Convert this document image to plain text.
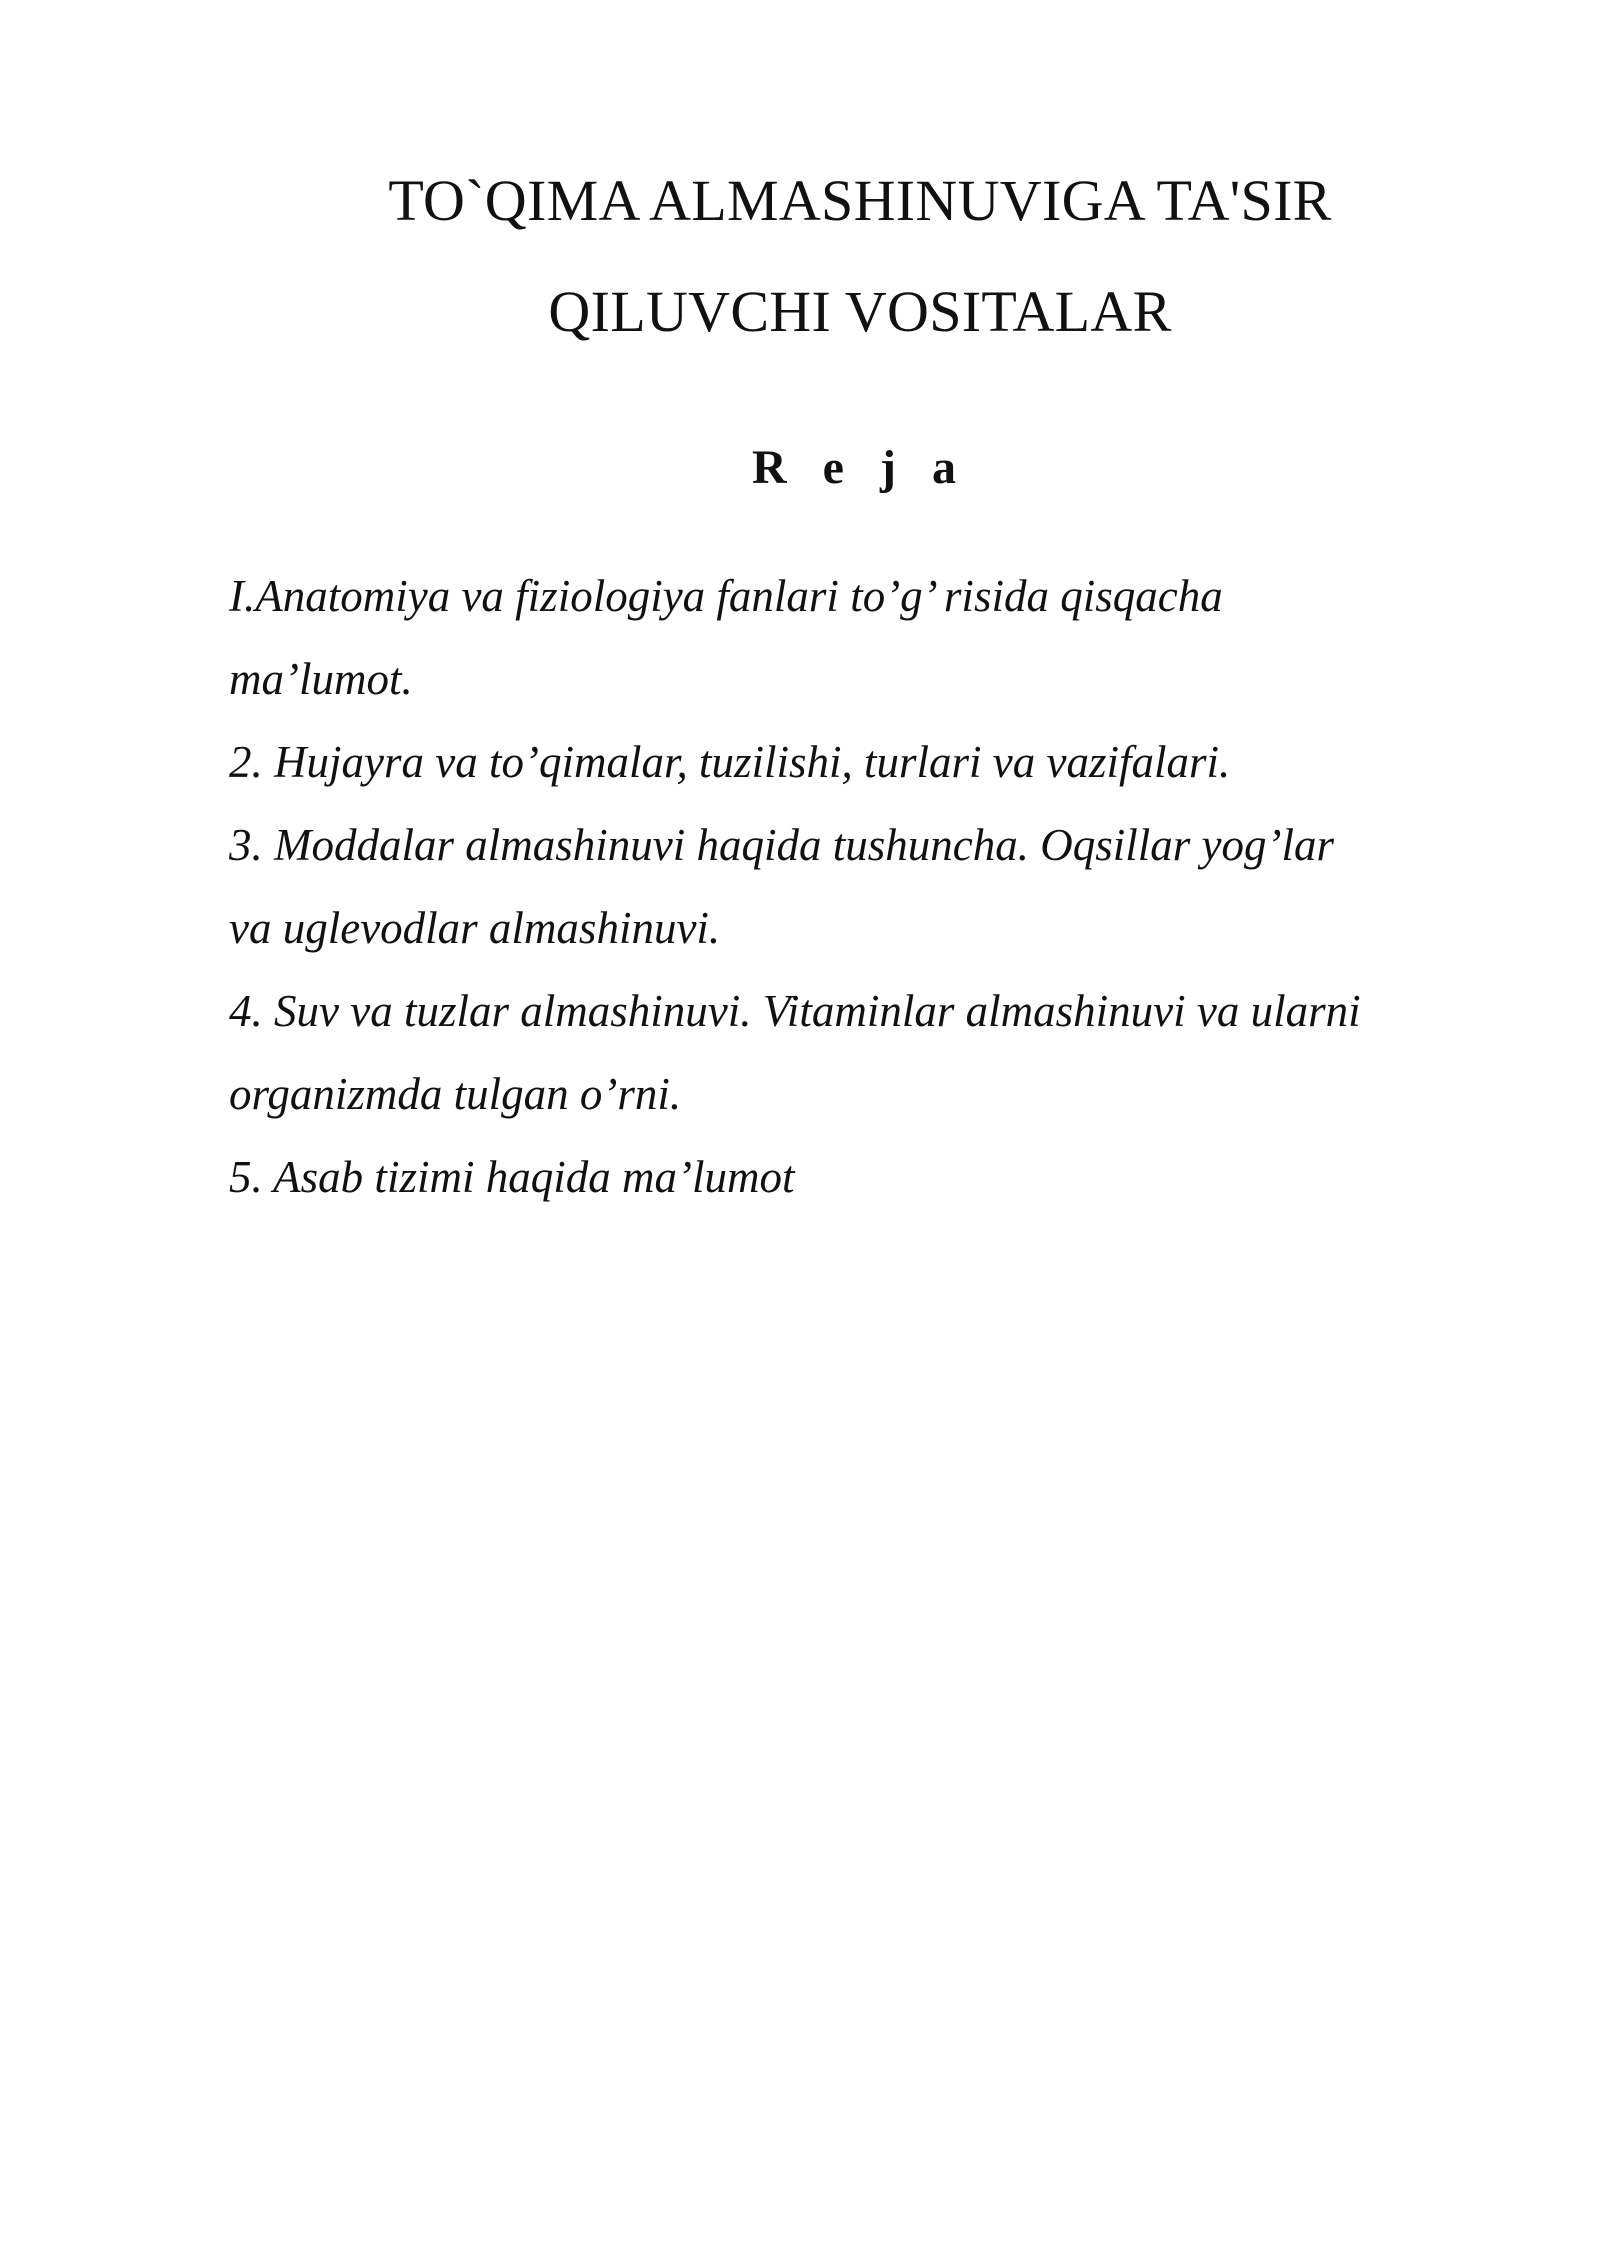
TO`QIMA ALMASHINUVIGA TA'SIR
QILUVCHI VOSITALAR
R e j a
I.Anatomiya va fiziologiya fanlari to’g’ risida qisqacha
ma’lumot.
2. Hujayra va to’qimalar, tuzilishi, turlari va vazifalari.
3. Moddalar almashinuvi haqida tushuncha. Oqsillar yog’lar
va uglevodlar almashinuvi.
4. Suv va tuzlar almashinuvi. Vitaminlar almashinuvi va ularni
organizmda tulgan o’rni.
5. Asab tizimi haqida ma’lumot
